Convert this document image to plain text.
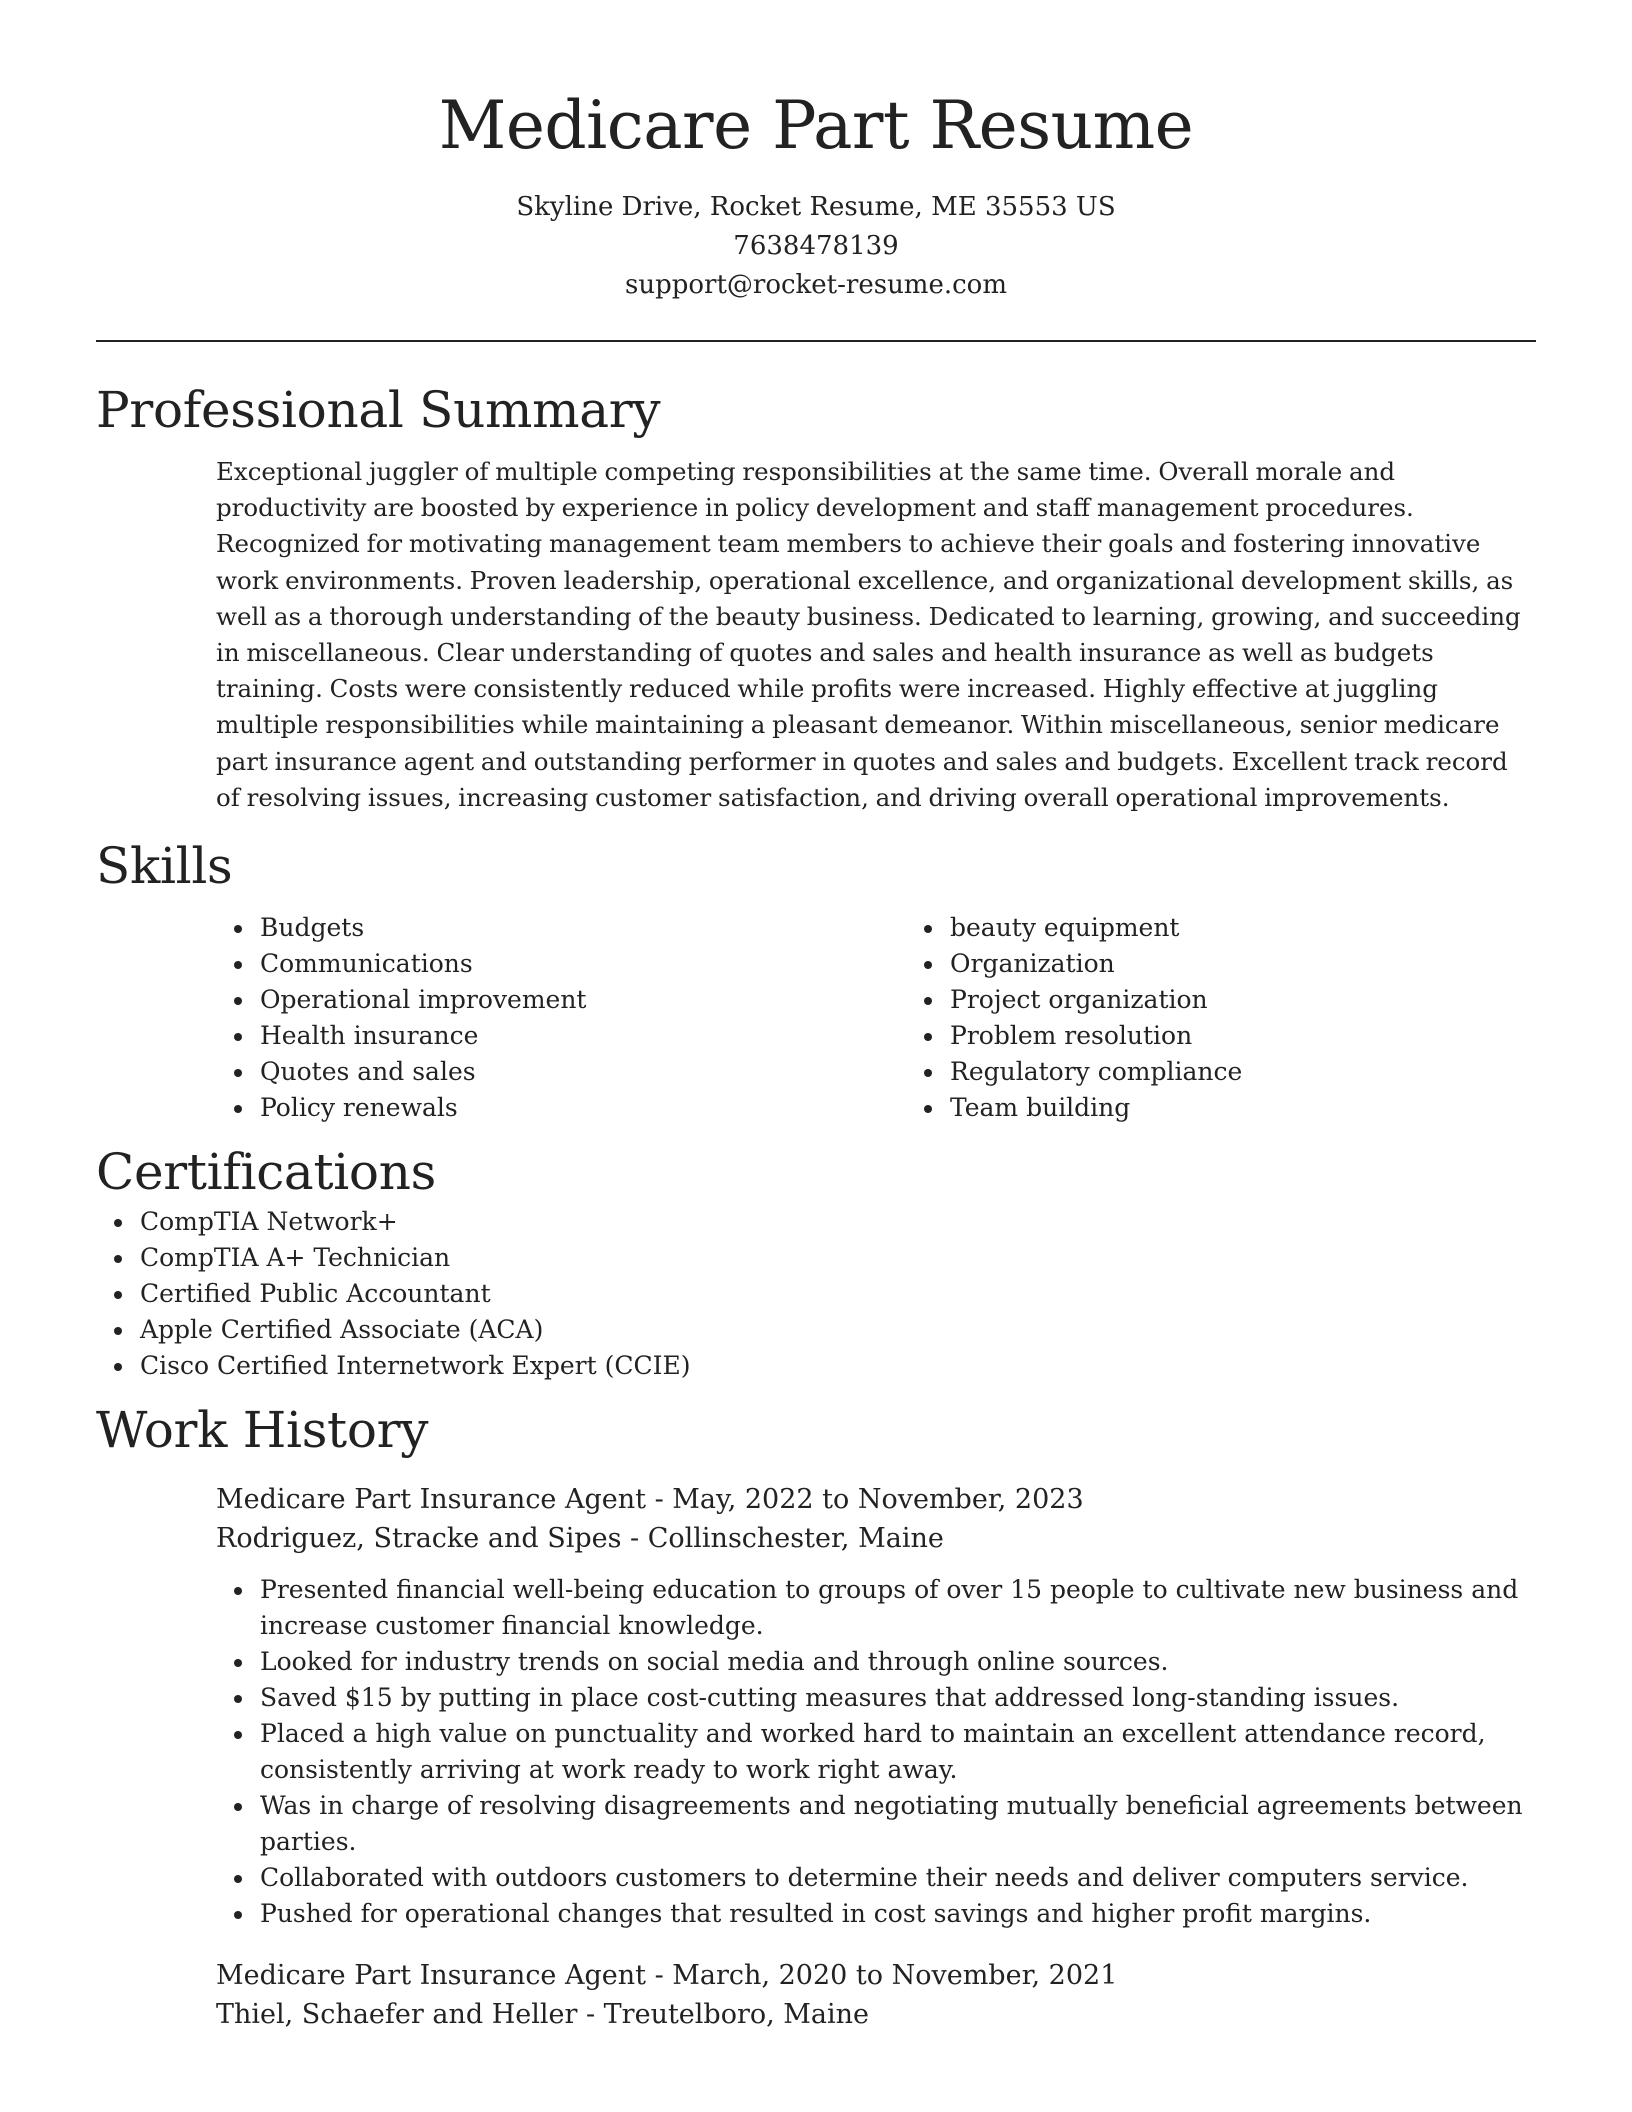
Medicare Part Resume
Skyline Drive, Rocket Resume, ME 35553 US
7638478139
support@rocket-resume.com
Professional Summary

Exceptional juggler of multiple competing responsibilities at the same time. Overall morale and productivity are boosted by experience in policy development and staff management procedures. Recognized for motivating management team members to achieve their goals and fostering innovative work environments. Proven leadership, operational excellence, and organizational development skills, as well as a thorough understanding of the beauty business. Dedicated to learning, growing, and succeeding in miscellaneous. Clear understanding of quotes and sales and health insurance as well as budgets training. Costs were consistently reduced while profits were increased. Highly effective at juggling multiple responsibilities while maintaining a pleasant demeanor. Within miscellaneous, senior medicare part insurance agent and outstanding performer in quotes and sales and budgets. Excellent track record of resolving issues, increasing customer satisfaction, and driving overall operational improvements.

Skills
• Budgets
• Communications
• Operational improvement
• Health insurance
• Quotes and sales
• Policy renewals
• beauty equipment
• Organization
• Project organization
• Problem resolution
• Regulatory compliance
• Team building
Certifications
• CompTIA Network+
• CompTIA A+ Technician
• Certified Public Accountant
• Apple Certified Associate (ACA)
• Cisco Certified Internetwork Expert (CCIE)
Work History
Medicare Part Insurance Agent - May, 2022 to November, 2023
Rodriguez, Stracke and Sipes - Collinschester, Maine
• Presented financial well-being education to groups of over 15 people to cultivate new business and increase customer financial knowledge.
• Looked for industry trends on social media and through online sources.
• Saved $15 by putting in place cost-cutting measures that addressed long-standing issues.
• Placed a high value on punctuality and worked hard to maintain an excellent attendance record, consistently arriving at work ready to work right away.
• Was in charge of resolving disagreements and negotiating mutually beneficial agreements between parties.
• Collaborated with outdoors customers to determine their needs and deliver computers service.
• Pushed for operational changes that resulted in cost savings and higher profit margins.
Medicare Part Insurance Agent - March, 2020 to November, 2021
Thiel, Schaefer and Heller - Treutelboro, Maine
